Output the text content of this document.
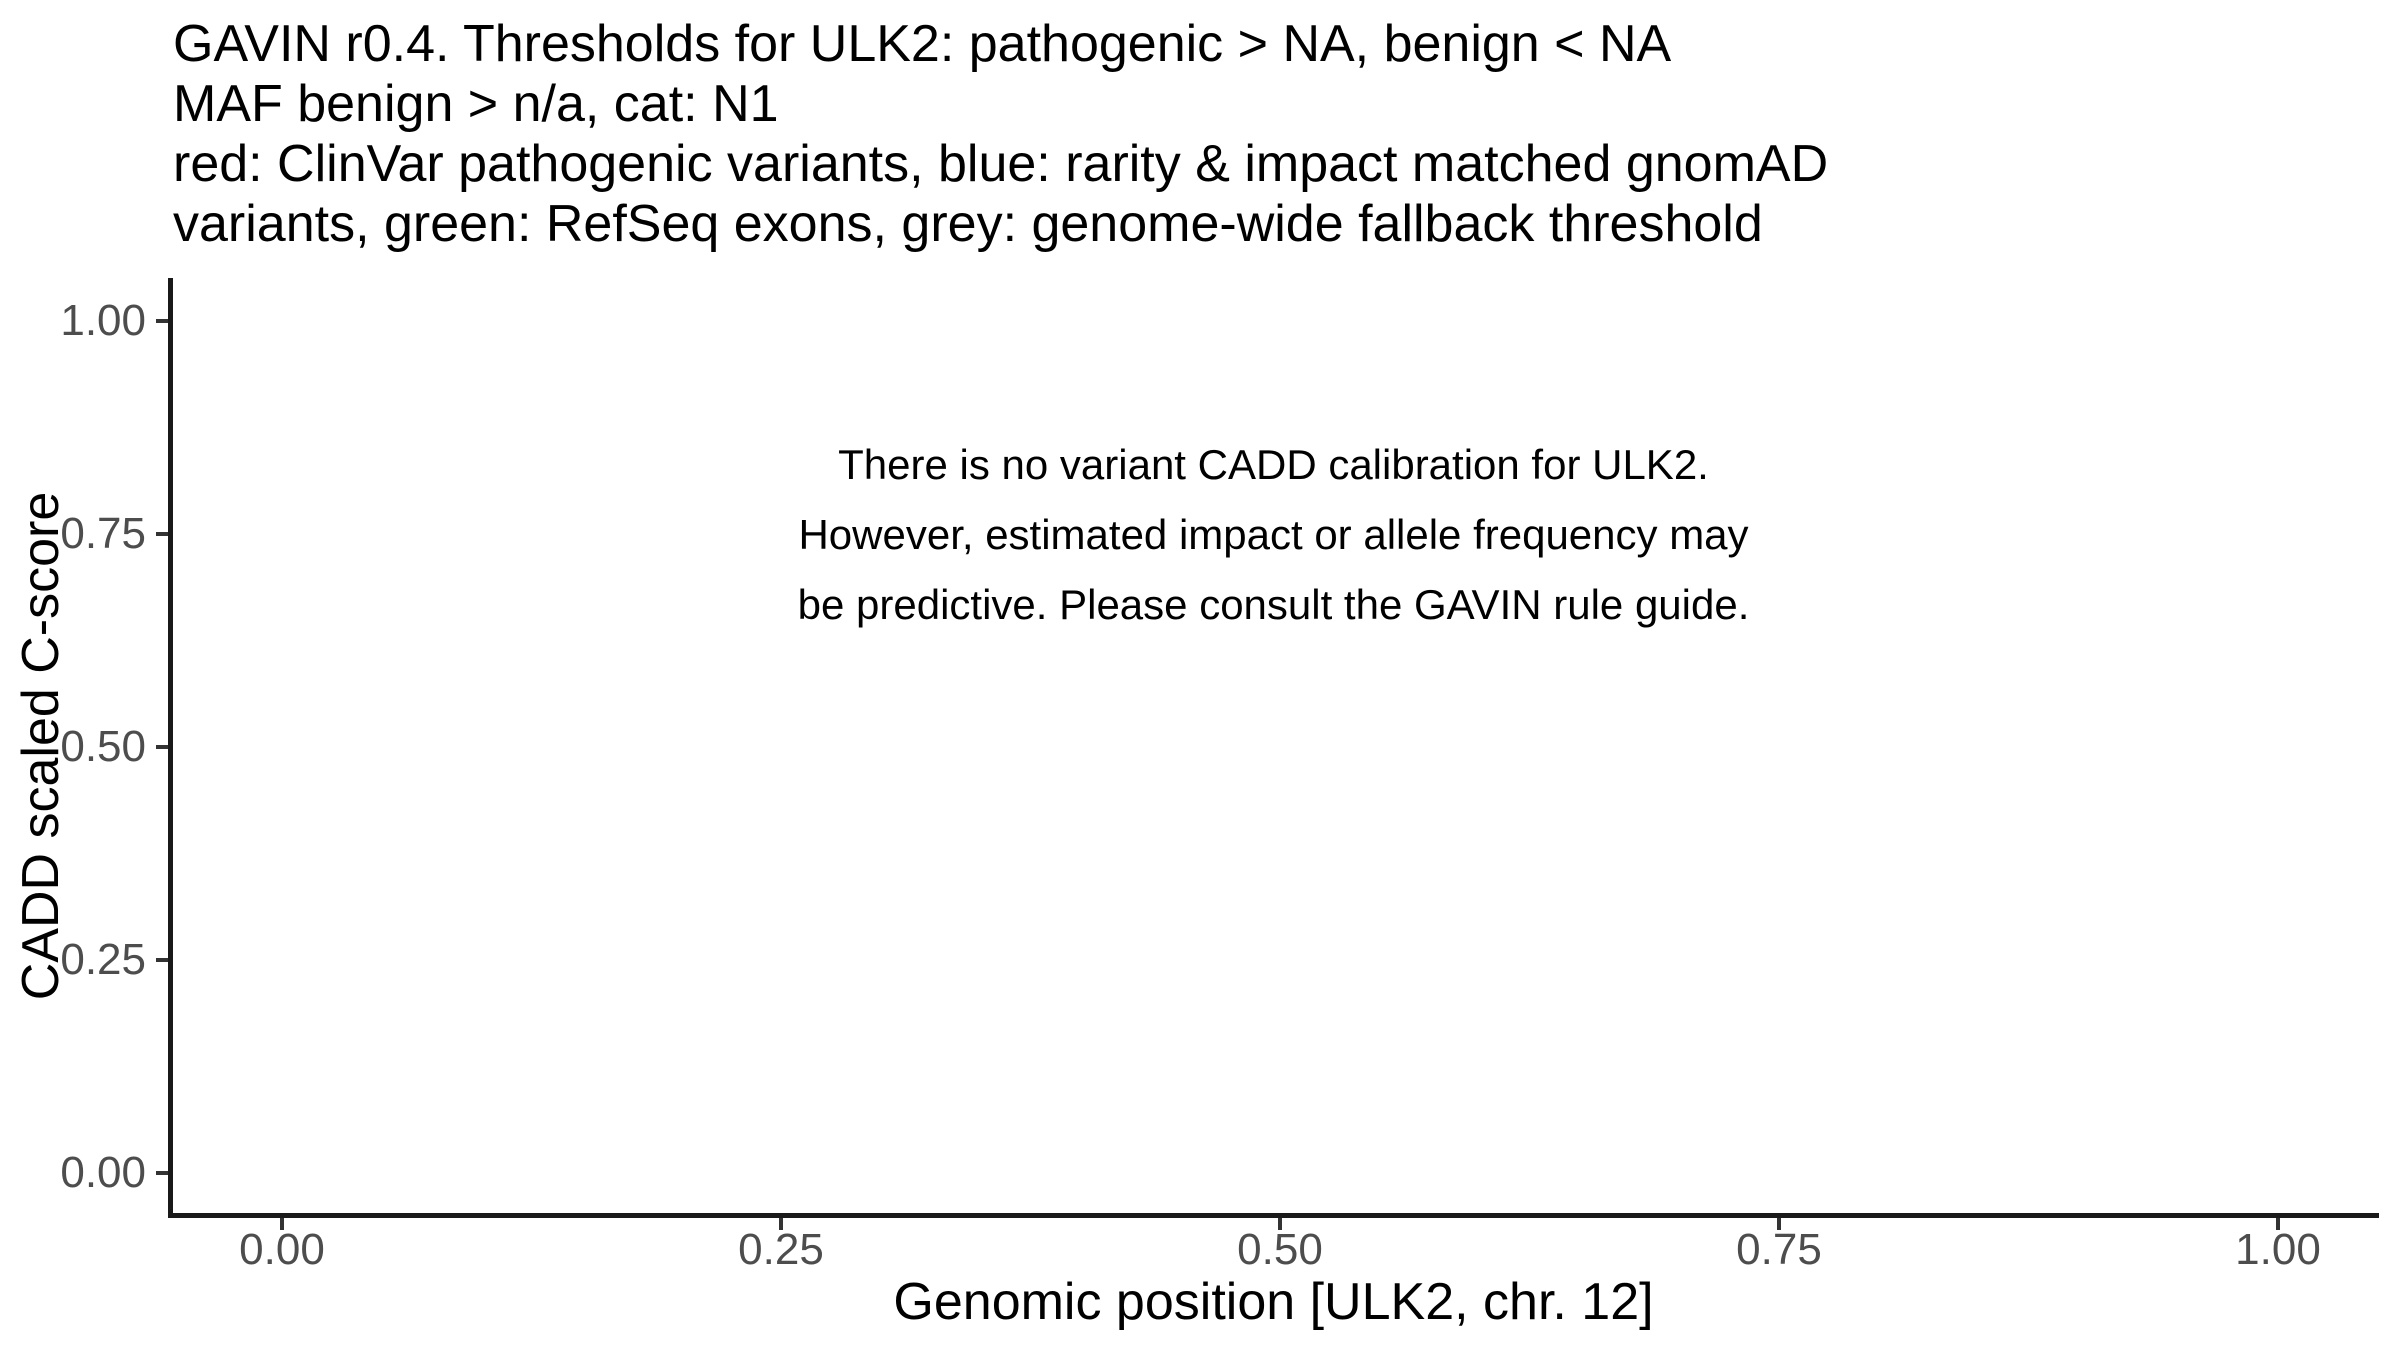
GAVIN r0.4. Thresholds for ULK2: pathogenic > NA, benign < NA
MAF benign > n/a, cat: N1
red: ClinVar pathogenic variants, blue: rarity & impact matched gnomAD
variants, green: RefSeq exons, grey: genome-wide fallback threshold
1.00
0.75
0.50
0.25
0.00
0.00	0.25	0.50	0.75	1.00
Genomic position [ULK2, chr. 12]
CADD scaled C-score
There is no variant CADD calibration for ULK2.
However, estimated impact or allele frequency may
be predictive. Please consult the GAVIN rule guide.
